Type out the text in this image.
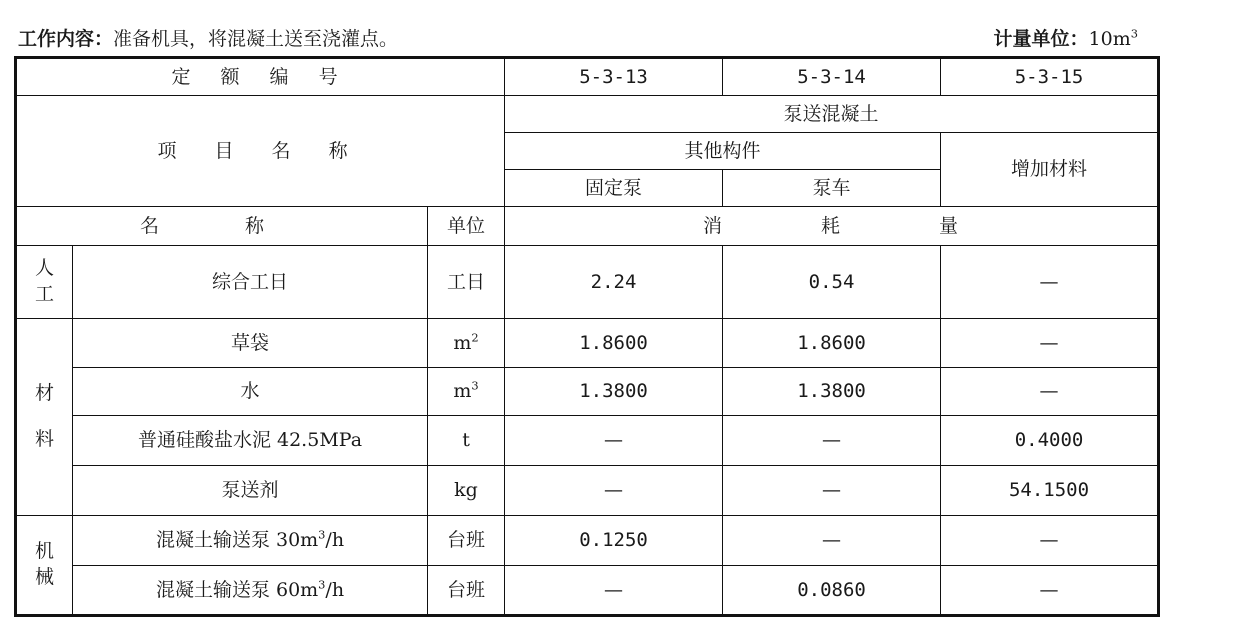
工作内容：准备机具，将混凝土送至浇灌点。	计量单位：$10m^3$
定 额 编 号			5-3-13	5-3-14	5-3-15
项 目 名 称			泵送混凝土		
			其他构件		增加材料
			固定泵	泵车	
名 称		单位	消 耗 量		

人
工	综合工日	工日	2.24	0.54	—

材
料	草袋	$m^2$	1.8600	1.8600	—
	水	$m^3$	1.3800	1.3800	—
	普通硅酸盐水泥 42.5MPa	t	—	—	0.4000
	泵送剂	kg	—	—	54.1500

机
械	混凝土输送泵 $30m^3/h$	台班	0.1250	—	—
	混凝土输送泵 $60m^3/h$	台班	—	0.0860	—
